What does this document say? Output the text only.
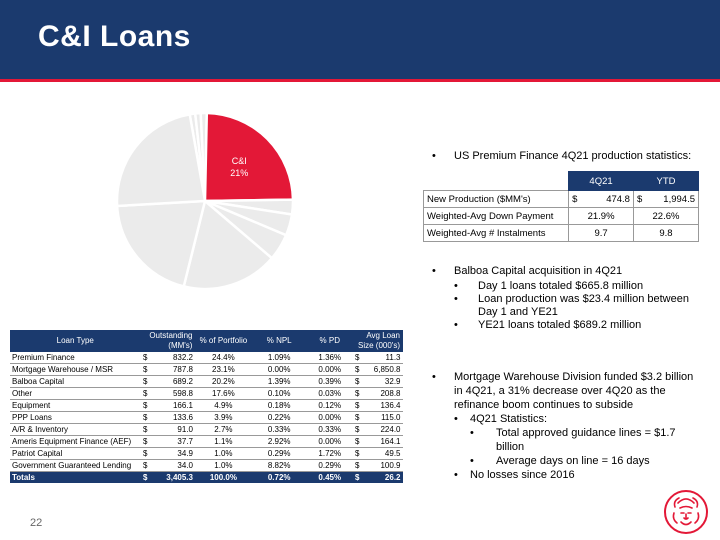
C&I Loans
C&I
21%
• US Premium Finance 4Q21 production statistics:
	4Q21	YTD
New Production ($MM's)	$ 474.8	$ 1,994.5

Weighted-Avg Down Payment	21.9%	22.6%
Weighted-Avg # Instalments	9.7	9.8
• Balboa Capital acquisition in 4Q21
• Day 1 loans totaled $665.8 million
• Loan production was $23.4 million between
Day 1 and YE21
• YE21 loans totaled $689.2 million
• Mortgage Warehouse Division funded $3.2 billion
in 4Q21, a 31% decrease over 4Q20 as the
refinance boom continues to subside
• 4Q21 Statistics:
• Total approved guidance lines = $1.7
billion
• Average days on line = 16 days
• No losses since 2016
Loan Type	Outstanding (MM's)	% of Portfolio	% NPL	% PD	Avg Loan Size (000's)
Premium Finance	$ 832.2	24.4%	1.09%	1.36%	$ 11.3

Mortgage Warehouse / MSR	$ 787.8	23.1%	0.00%	0.00%	$ 6,850.8

Balboa Capital	$ 689.2	20.2%	1.39%	0.39%	$ 32.9

Other	$ 598.8	17.6%	0.10%	0.03%	$ 208.8

Equipment	$ 166.1	4.9%	0.18%	0.12%	$ 136.4

PPP Loans	$ 133.6	3.9%	0.22%	0.00%	$ 115.0

A/R & Inventory	$ 91.0	2.7%	0.33%	0.33%	$ 224.0

Ameris Equipment Finance (AEF)	$ 37.7	1.1%	2.92%	0.00%	$ 164.1

Patriot Capital	$ 34.9	1.0%	0.29%	1.72%	$ 49.5

Government Guaranteed Lending	$ 34.0	1.0%	8.82%	0.29%	$ 100.9

Totals	$ 3,405.3	100.0%	0.72%	0.45%	$ 26.2
22
